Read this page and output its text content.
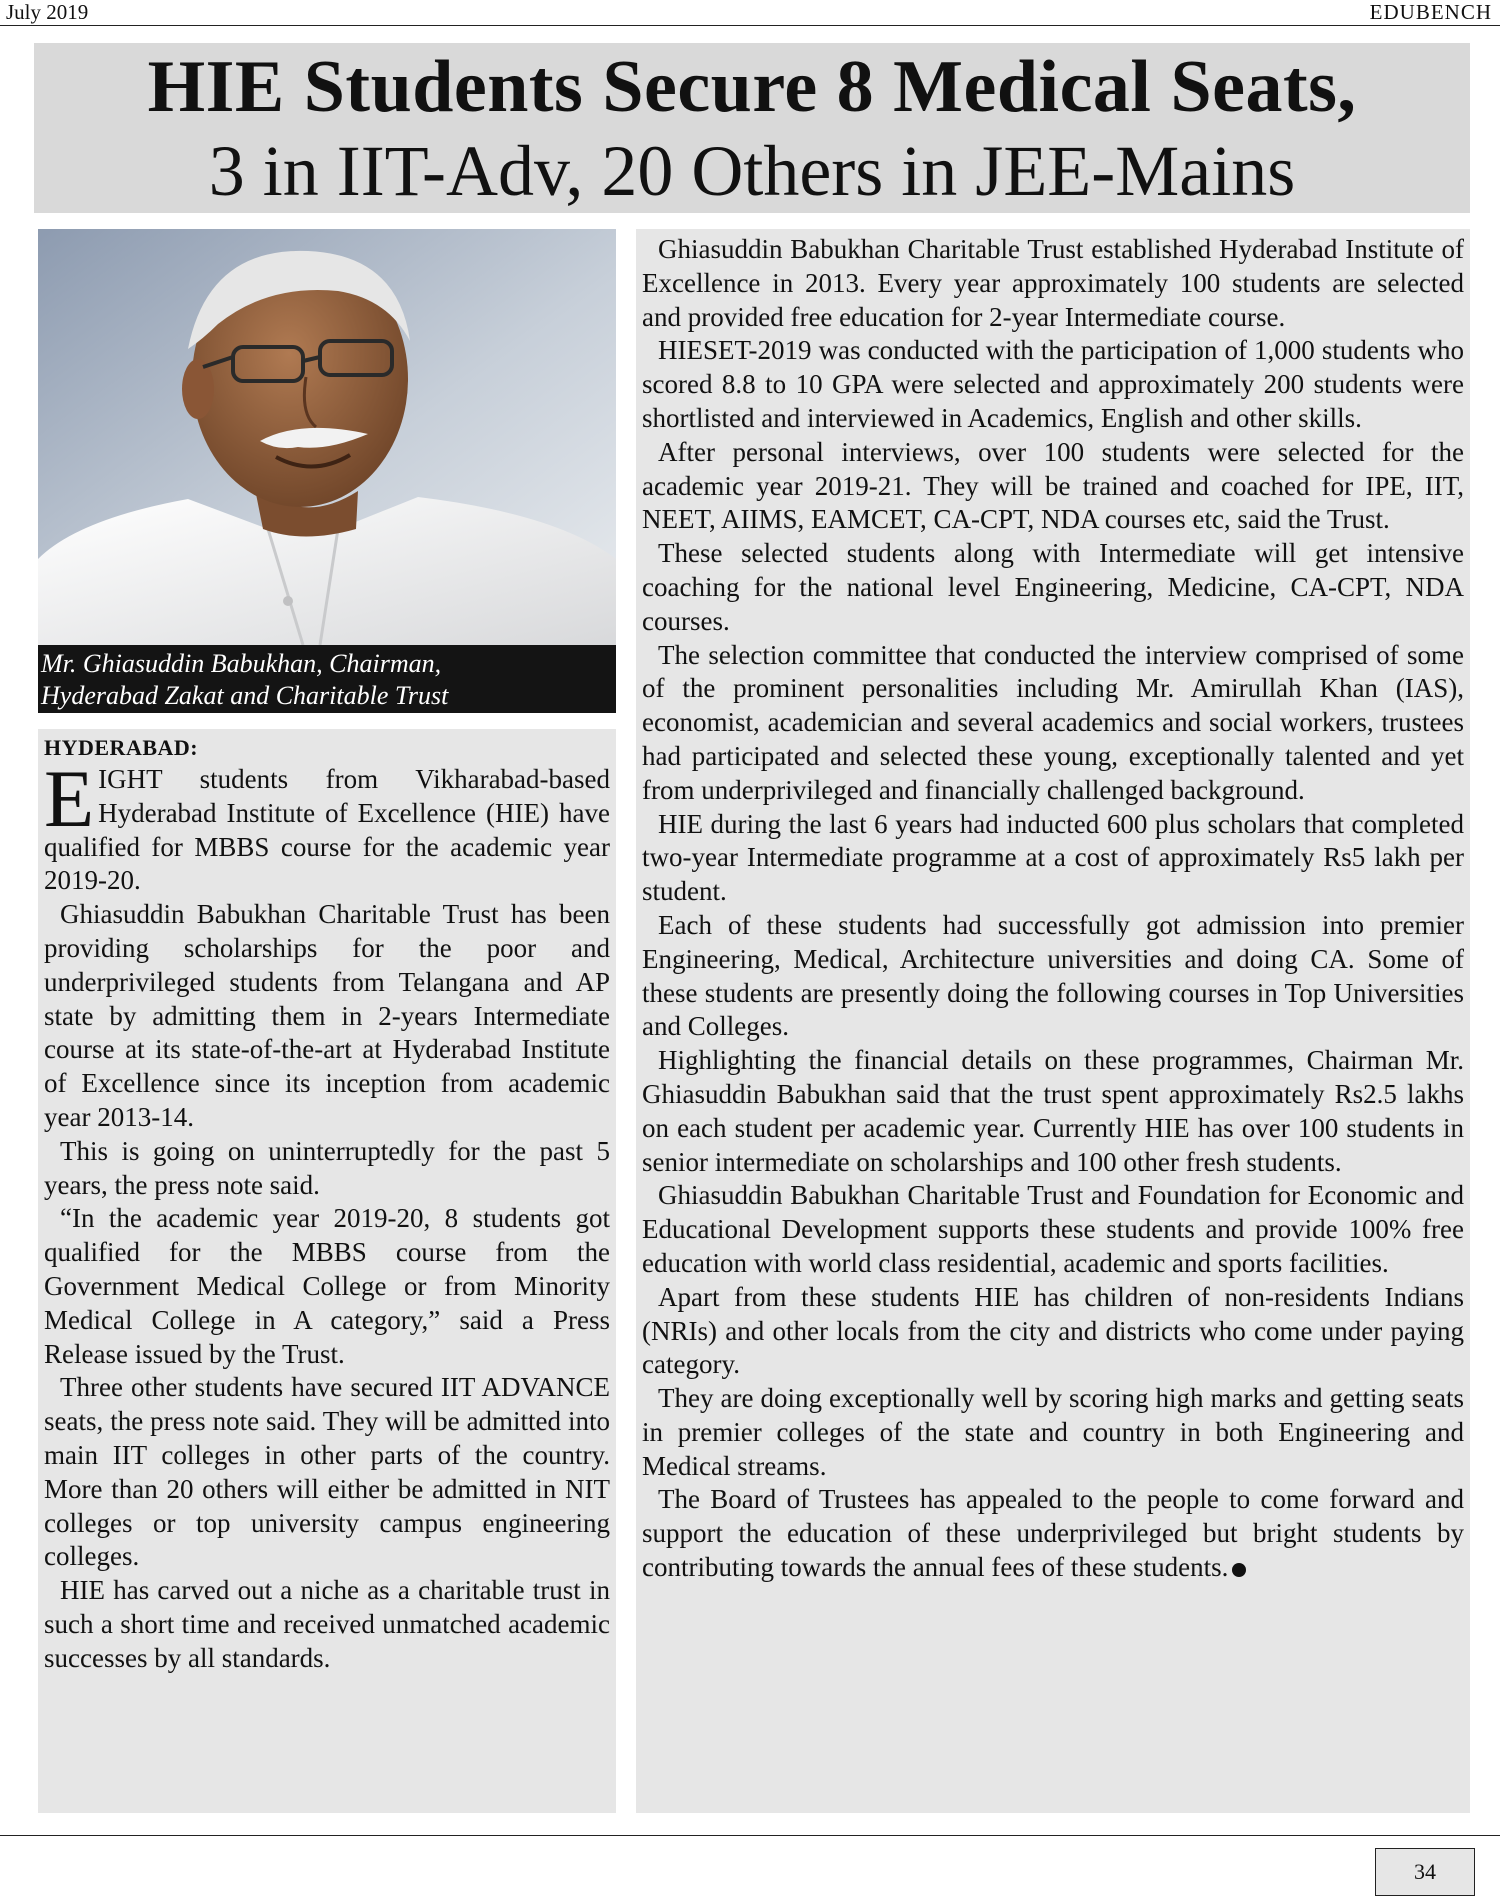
July 2019	EDUBENCH
HIE Students Secure 8 Medical Seats,
3 in IIT-Adv, 20 Others in JEE-Mains
Mr. Ghiasuddin Babukhan, Chairman,
Hyderabad Zakat and Charitable Trust
HYDERABAD:

EIGHT students from Vikharabad-based Hyderabad Institute of Excellence (HIE) have qualified for MBBS course for the academic year 2019-20.

Ghiasuddin Babukhan Charitable Trust has been providing scholarships for the poor and underprivileged students from Telangana and AP state by admitting them in 2-years Intermediate course at its state-of-the-art at Hyderabad Institute of Excellence since its inception from academic year 2013-14.

This is going on uninterruptedly for the past 5 years, the press note said.

“In the academic year 2019-20, 8 students got qualified for the MBBS course from the Government Medical College or from Minority Medical College in A category,” said a Press Release issued by the Trust.

Three other students have secured IIT ADVANCE seats, the press note said. They will be admitted into main IIT colleges in other parts of the country. More than 20 others will either be admitted in NIT colleges or top university campus engineering colleges.

HIE has carved out a niche as a charitable trust in such a short time and received unmatched academic successes by all standards.

Ghiasuddin Babukhan Charitable Trust established Hyderabad Institute of Excellence in 2013. Every year approximately 100 students are selected and provided free education for 2-year Intermediate course.

HIESET-2019 was conducted with the participation of 1,000 students who scored 8.8 to 10 GPA were selected and approximately 200 students were shortlisted and interviewed in Academics, English and other skills.

After personal interviews, over 100 students were selected for the academic year 2019-21. They will be trained and coached for IPE, IIT, NEET, AIIMS, EAMCET, CA-CPT, NDA courses etc, said the Trust.

These selected students along with Intermediate will get intensive coaching for the national level Engineering, Medicine, CA-CPT, NDA courses.

The selection committee that conducted the interview comprised of some of the prominent personalities including Mr. Amirullah Khan (IAS), economist, academician and several academics and social workers, trustees had participated and selected these young, exceptionally talented and yet from underprivileged and financially challenged background.

HIE during the last 6 years had inducted 600 plus scholars that completed two-year Intermediate programme at a cost of approximately Rs5 lakh per student.

Each of these students had successfully got admission into premier Engineering, Medical, Architecture universities and doing CA. Some of these students are presently doing the following courses in Top Universities and Colleges.

Highlighting the financial details on these programmes, Chairman Mr. Ghiasuddin Babukhan said that the trust spent approximately Rs2.5 lakhs on each student per academic year. Currently HIE has over 100 students in senior intermediate on scholarships and 100 other fresh students.

Ghiasuddin Babukhan Charitable Trust and Foundation for Economic and Educational Development supports these students and provide 100% free education with world class residential, academic and sports facilities.

Apart from these students HIE has children of non-residents Indians (NRIs) and other locals from the city and districts who come under paying category.

They are doing exceptionally well by scoring high marks and getting seats in premier colleges of the state and country in both Engineering and Medical streams.

The Board of Trustees has appealed to the people to come forward and support the education of these underprivileged but bright students by contributing towards the annual fees of these students.

34
